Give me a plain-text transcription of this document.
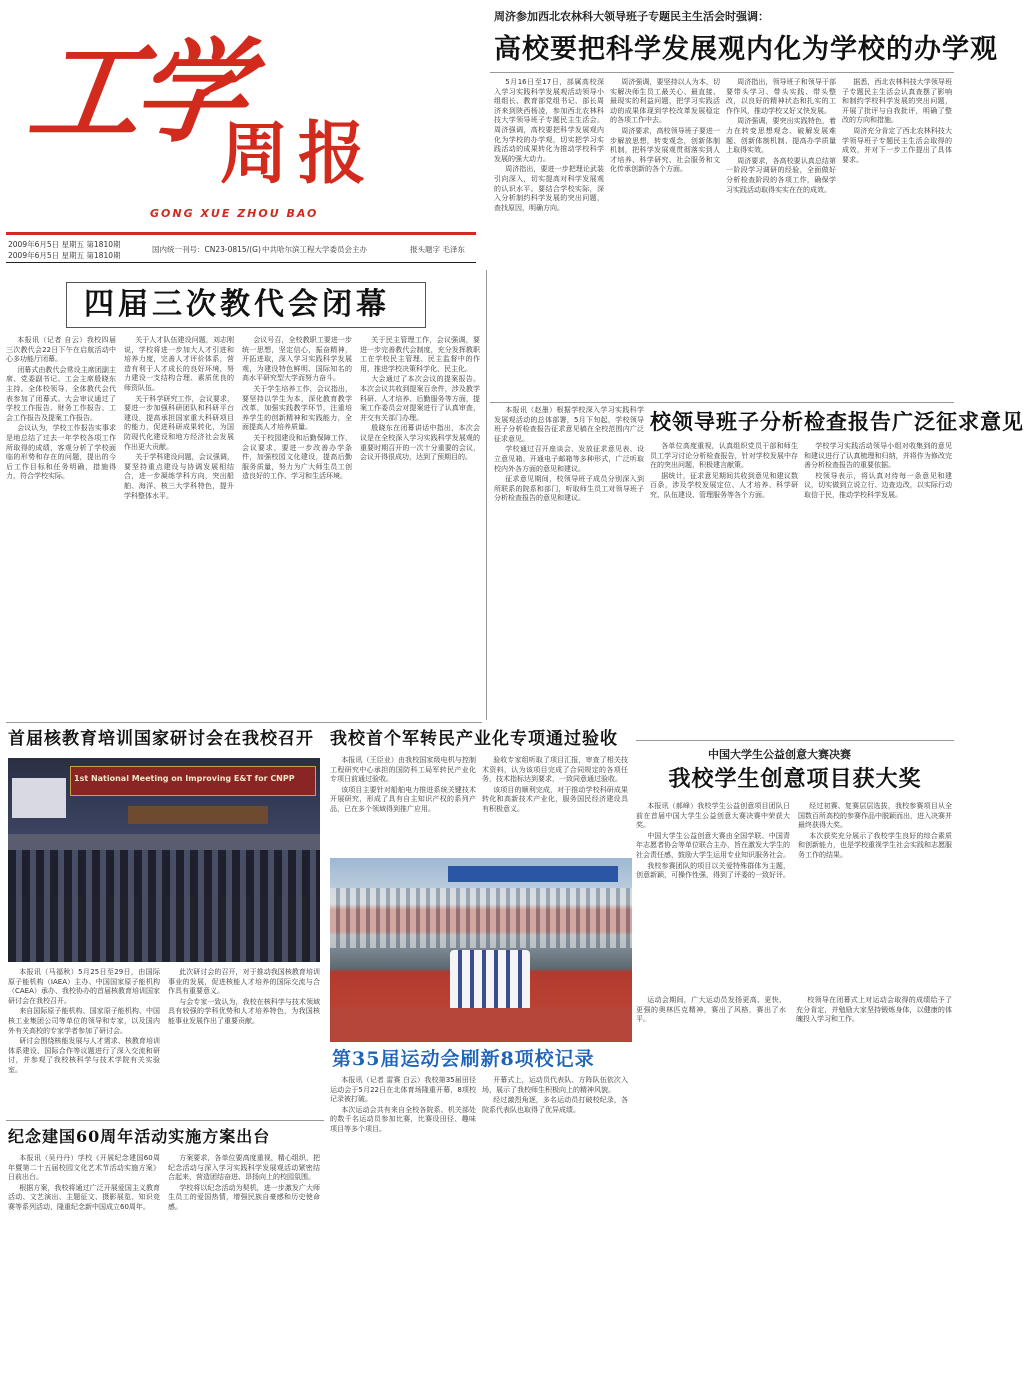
工学
周报
GONG XUE ZHOU BAO
2009年6月5日 星期五 第1810期
2009年6月5日 星期五 第1810期
国内统一刊号：CN23-0815/(G) 中共哈尔滨工程大学委员会主办	报头题字 毛泽东
周济参加西北农林科大领导班子专题民主生活会时强调：
高校要把科学发展观内化为学校的办学观

5月16日至17日，部属高校深入学习实践科学发展观活动领导小组组长、教育部党组书记、部长周济来到陕西杨凌，参加西北农林科技大学领导班子专题民主生活会。周济强调，高校要把科学发展观内化为学校的办学观，切实把学习实践活动的成果转化为推动学校科学发展的强大动力。

周济指出，要进一步把理论武装引向深入，切实提高对科学发展观的认识水平。要结合学校实际，深入分析制约科学发展的突出问题，查找原因，明确方向。

周济强调，要坚持以人为本，切实解决师生员工最关心、最直接、最现实的利益问题，把学习实践活动的成果体现到学校改革发展稳定的各项工作中去。

周济要求，高校领导班子要进一步解放思想，转变观念，创新体制机制，把科学发展观贯彻落实到人才培养、科学研究、社会服务和文化传承创新的各个方面。

周济指出，领导班子和领导干部要带头学习、带头实践、带头整改，以良好的精神状态和扎实的工作作风，推动学校又好又快发展。

周济强调，要突出实践特色，着力在转变思想观念、破解发展难题、创新体制机制、提高办学质量上取得实效。

周济要求，各高校要认真总结第一阶段学习调研的经验，全面做好分析检查阶段的各项工作，确保学习实践活动取得实实在在的成效。

据悉，西北农林科技大学领导班子专题民主生活会认真查摆了影响和制约学校科学发展的突出问题，开展了批评与自我批评，明确了整改的方向和措施。

周济充分肯定了西北农林科技大学领导班子专题民主生活会取得的成效，并对下一步工作提出了具体要求。

四届三次教代会闭幕

本报讯（记者 自云）我校四届三次教代会22日下午在启航活动中心多功能厅闭幕。

闭幕式由教代会常设主席团副主席、党委副书记、工会主席殷晓东主持。全体校领导、全体教代会代表参加了闭幕式。大会审议通过了学校工作报告、财务工作报告、工会工作报告及提案工作报告。

会议认为，学校工作报告实事求是地总结了过去一年学校各项工作所取得的成绩，客观分析了学校面临的形势和存在的问题，提出的今后工作目标和任务明确，措施得力，符合学校实际。

关于人才队伍建设问题，刘志刚说，学校将进一步加大人才引进和培养力度，完善人才评价体系，营造有利于人才成长的良好环境，努力建设一支结构合理、素质优良的师资队伍。

关于科学研究工作，会议要求，要进一步加强科研团队和科研平台建设，提高承担国家重大科研项目的能力，促进科研成果转化，为国防现代化建设和地方经济社会发展作出更大贡献。

关于学科建设问题，会议强调，要坚持重点建设与协调发展相结合，进一步凝练学科方向，突出船舶、海洋、核三大学科特色，提升学科整体水平。

会议号召，全校教职工要进一步统一思想，坚定信心，振奋精神，开拓进取，深入学习实践科学发展观，为建设特色鲜明、国际知名的高水平研究型大学而努力奋斗。

关于学生培养工作，会议指出，要坚持以学生为本，深化教育教学改革，加强实践教学环节，注重培养学生的创新精神和实践能力，全面提高人才培养质量。

关于校园建设和后勤保障工作，会议要求，要进一步改善办学条件，加强校园文化建设，提高后勤服务质量，努力为广大师生员工创造良好的工作、学习和生活环境。

关于民主管理工作，会议强调，要进一步完善教代会制度，充分发挥教职工在学校民主管理、民主监督中的作用，推进学校决策科学化、民主化。

大会通过了本次会议的提案报告。本次会议共收到提案百余件，涉及教学科研、人才培养、后勤服务等方面，提案工作委员会对提案进行了认真审查，并交有关部门办理。

殷晓东在闭幕讲话中指出，本次会议是在全校深入学习实践科学发展观的重要时期召开的一次十分重要的会议，会议开得很成功，达到了预期目的。

校领导班子分析检查报告广泛征求意见

本报讯（赵墨）根据学校深入学习实践科学发展观活动的总体部署，5月下旬起，学校领导班子分析检查报告征求意见稿在全校范围内广泛征求意见。

学校通过召开座谈会、发放征求意见表、设立意见箱、开通电子邮箱等多种形式，广泛听取校内外各方面的意见和建议。

征求意见期间，校领导班子成员分别深入到所联系的院系和部门，听取师生员工对领导班子分析检查报告的意见和建议。

各单位高度重视，认真组织党员干部和师生员工学习讨论分析检查报告，针对学校发展中存在的突出问题，积极建言献策。

据统计，征求意见期间共收到意见和建议数百条，涉及学校发展定位、人才培养、科学研究、队伍建设、管理服务等各个方面。

学校学习实践活动领导小组对收集到的意见和建议进行了认真梳理和归纳，并将作为修改完善分析检查报告的重要依据。

校领导表示，将认真对待每一条意见和建议，切实做到立说立行、边查边改，以实际行动取信于民，推动学校科学发展。

首届核教育培训国家研讨会在我校召开
1st National Meeting on Improving E&T for CNPP

本报讯（马福秋）5月25日至29日，由国际原子能机构（IAEA）主办、中国国家原子能机构（CAEA）承办、我校协办的首届核教育培训国家研讨会在我校召开。

来自国际原子能机构、国家原子能机构、中国核工业集团公司等单位的领导和专家，以及国内外有关高校的专家学者参加了研讨会。

研讨会围绕核能发展与人才需求、核教育培训体系建设、国际合作等议题进行了深入交流和研讨，并参观了我校核科学与技术学院有关实验室。

此次研讨会的召开，对于推动我国核教育培训事业的发展，促进核能人才培养的国际交流与合作具有重要意义。

与会专家一致认为，我校在核科学与技术领域具有较强的学科优势和人才培养特色，为我国核能事业发展作出了重要贡献。

我校首个军转民产业化专项通过验收

本报讯（王臣业）由我校国家级电机与控制工程研究中心承担的国防科工局军转民产业化专项日前通过验收。

该项目主要针对船舶电力推进系统关键技术开展研究，形成了具有自主知识产权的系列产品，已在多个领域得到推广应用。

验收专家组听取了项目汇报，审查了相关技术资料，认为该项目完成了合同规定的各项任务，技术指标达到要求，一致同意通过验收。

该项目的顺利完成，对于推动学校科研成果转化和高新技术产业化，服务国民经济建设具有积极意义。

中国大学生公益创意大赛决赛
我校学生创意项目获大奖

本报讯（郝峰）我校学生公益创意项目团队日前在首届中国大学生公益创意大赛决赛中荣获大奖。

中国大学生公益创意大赛由全国学联、中国青年志愿者协会等单位联合主办，旨在激发大学生的社会责任感，鼓励大学生运用专业知识服务社会。

我校参赛团队的项目以关爱特殊群体为主题，创意新颖，可操作性强，得到了评委的一致好评。

经过初赛、复赛层层选拔，我校参赛项目从全国数百所高校的参赛作品中脱颖而出，进入决赛并最终获得大奖。

本次获奖充分展示了我校学生良好的综合素质和创新能力，也是学校重视学生社会实践和志愿服务工作的结果。

第35届运动会刷新8项校记录
纪念建国60周年活动实施方案出台

本报讯（吴丹丹）学校《开展纪念建国60周年暨第二十五届校园文化艺术节活动实施方案》日前出台。

根据方案，我校将通过广泛开展爱国主义教育活动、文艺演出、主题征文、摄影展览、知识竞赛等系列活动，隆重纪念新中国成立60周年。

方案要求，各单位要高度重视，精心组织，把纪念活动与深入学习实践科学发展观活动紧密结合起来，营造团结奋进、昂扬向上的校园氛围。

学校将以纪念活动为契机，进一步激发广大师生员工的爱国热情，增强民族自豪感和历史使命感。

本报讯（记者 雷赛 白云）我校第35届田径运动会于5月22日在北体育场隆重开幕，8项校记录被打破。

本次运动会共有来自全校各院系、机关部处的数千名运动员参加比赛，比赛设田径、趣味项目等多个项目。

开幕式上，运动员代表队、方阵队伍依次入场，展示了我校师生积极向上的精神风貌。

经过激烈角逐，多名运动员打破校纪录，各院系代表队也取得了优异成绩。

运动会期间，广大运动员发扬更高、更快、更强的奥林匹克精神，赛出了风格，赛出了水平。

校领导在闭幕式上对运动会取得的成绩给予了充分肯定，并勉励大家坚持锻炼身体，以健康的体魄投入学习和工作。
